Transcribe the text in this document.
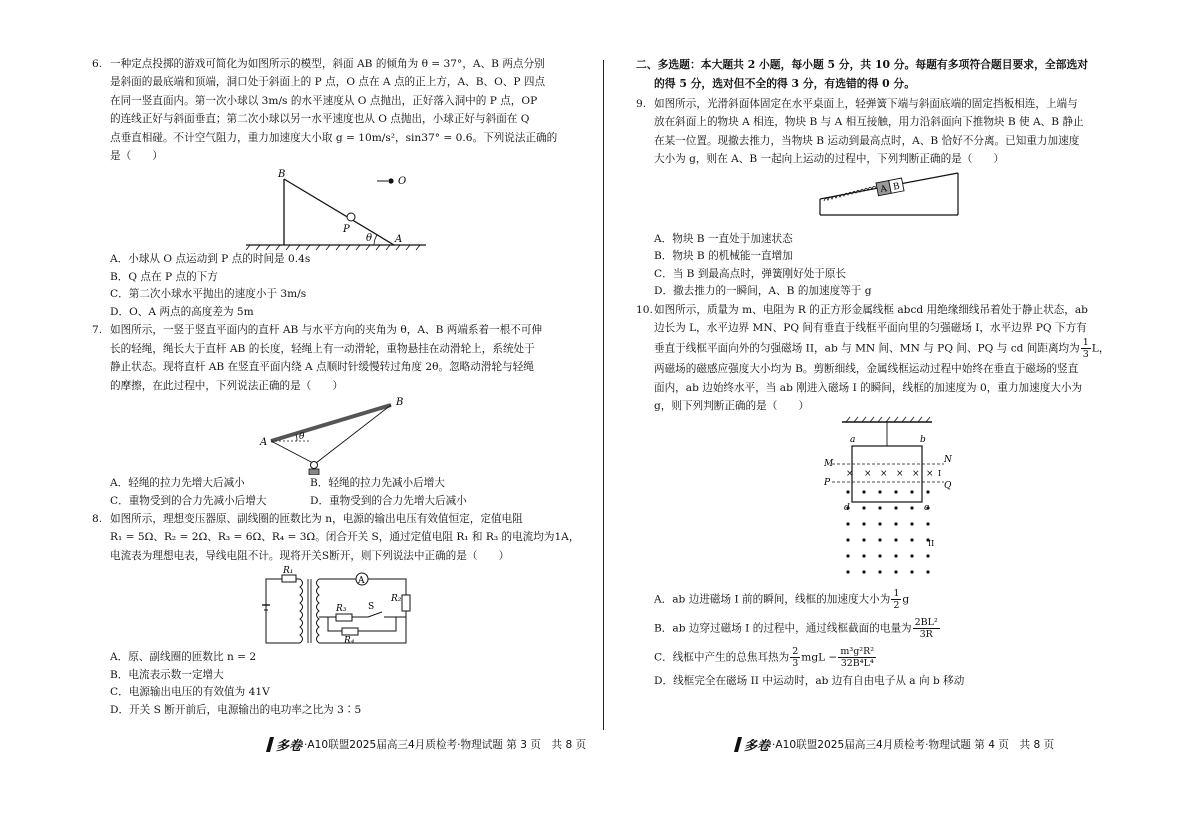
6. 一种定点投掷的游戏可简化为如图所示的模型，斜面 AB 的倾角为 θ = 37°，A、B 两点分别

是斜面的最底端和顶端，洞口处于斜面上的 P 点，O 点在 A 点的正上方，A、B、O、P 四点

在同一竖直面内。第一次小球以 3m/s 的水平速度从 O 点抛出，正好落入洞中的 P 点，OP

的连线正好与斜面垂直；第二次小球以另一水平速度也从 O 点抛出，小球正好与斜面在 Q

点垂直相碰。不计空气阻力，重力加速度大小取 g = 10m/s²，sin37° = 0.6。下列说法正确的

是（　　）

B
O
P
θ A

A．小球从 O 点运动到 P 点的时间是 0.4s

B．Q 点在 P 点的下方

C．第二次小球水平抛出的速度小于 3m/s

D．O、A 两点的高度差为 5m

7. 如图所示，一竖于竖直平面内的直杆 AB 与水平方向的夹角为 θ，A、B 两端系着一根不可伸

长的轻绳，绳长大于直杆 AB 的长度，轻绳上有一动滑轮，重物悬挂在动滑轮上，系统处于

静止状态。现将直杆 AB 在竖直平面内绕 A 点顺时针缓慢转过角度 2θ。忽略动滑轮与轻绳

的摩擦，在此过程中，下列说法正确的是（　　）

A
B
θ

A．轻绳的拉力先增大后减小	B．轻绳的拉力先减小后增大

C．重物受到的合力先减小后增大	D．重物受到的合力先增大后减小

8. 如图所示，理想变压器原、副线圈的匝数比为 n，电源的输出电压有效值恒定，定值电阻

R₁ = 5Ω、R₂ = 2Ω、R₃ = 6Ω、R₄ = 3Ω。闭合开关 S，通过定值电阻 R₁ 和 R₃ 的电流均为1A，

电流表为理想电表，导线电阻不计。现将开关S断开，则下列说法中正确的是（　　）

A
R₁
R₂
R₃
R₄
S

A．原、副线圈的匝数比 n = 2

B．电流表示数一定增大

C．电源输出电压的有效值为 41V

D．开关 S 断开前后，电源输出的电功率之比为 3∶5

二、多选题：本大题共 2 小题，每小题 5 分，共 10 分。每题有多项符合题目要求，全部选对

的得 5 分，选对但不全的得 3 分，有选错的得 0 分。

9. 如图所示，光滑斜面体固定在水平桌面上，轻弹簧下端与斜面底端的固定挡板相连，上端与

放在斜面上的物块 A 相连，物块 B 与 A 相互接触，用力沿斜面向下推物块 B 使 A、B 静止

在某一位置。现撤去推力，当物块 B 运动到最高点时，A、B 恰好不分离。已知重力加速度

大小为 g，则在 A、B 一起向上运动的过程中，下列判断正确的是（　　）

A B

A．物块 B 一直处于加速状态

B．物块 B 的机械能一直增加

C．当 B 到最高点时，弹簧刚好处于原长

D．撤去推力的一瞬间，A、B 的加速度等于 g

10.如图所示，质量为 m、电阻为 R 的正方形金属线框 abcd 用绝缘细线吊着处于静止状态，ab

边长为 L，水平边界 MN、PQ 间有垂直于线框平面向里的匀强磁场 I，水平边界 PQ 下方有

垂直于线框平面向外的匀强磁场 II，ab 与 MN 间、MN 与 PQ 间、PQ 与 cd 间距离均为 $\frac{1}{3}$ L，

两磁场的磁感应强度大小均为 B。剪断细线，金属线框运动过程中始终在垂直于磁场的竖直

面内，ab 边始终水平，当 ab 刚进入磁场 I 的瞬间，线框的加速度为 0，重力加速度大小为

g，则下列判断正确的是（　　）

× × × × × ×
a	b
d	c
M	N
P	Q
I
II

A．ab 边进磁场 I 前的瞬间，线框的加速度大小为 $\frac{1}{2}$ g

B．ab 边穿过磁场 I 的过程中，通过线框截面的电量为 $\frac{\text{2BL²}}{3R}$

C．线框中产生的总焦耳热为 $\frac{2}{3}$ mgL − $\frac{\text{m³g²R²}}{\text{32B⁴L⁴}}$

D．线框完全在磁场 II 中运动时，ab 边有自由电子从 a 向 b 移动

多卷 ·A10联盟2025届高三4月质检考·物理试题 第 3 页　共 8 页	多卷 ·A10联盟2025届高三4月质检考·物理试题 第 4 页　共 8 页
